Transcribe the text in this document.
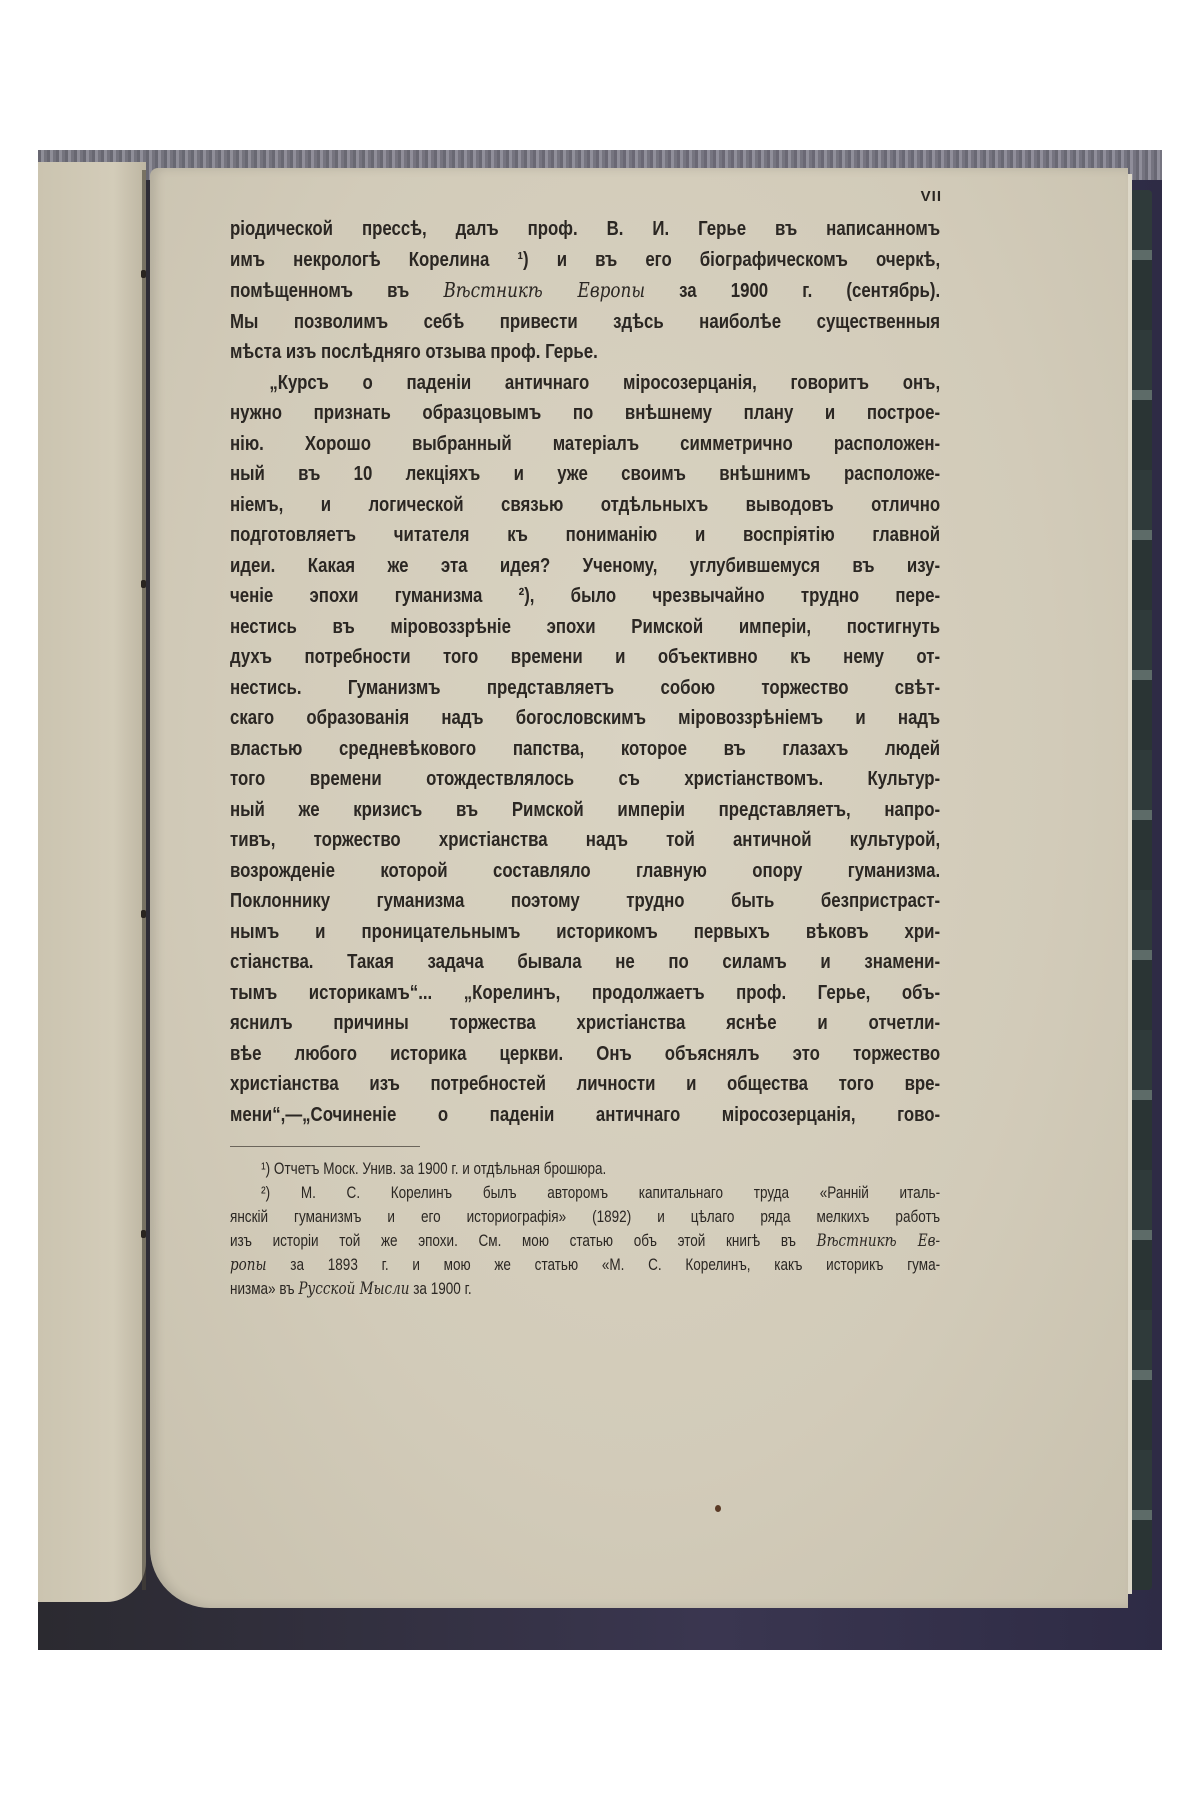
VII
ріодической прессѣ, далъ проф. В. И. Герье въ написанномъ
имъ некрологѣ Корелина ¹) и въ его біографическомъ очеркѣ,
помѣщенномъ въ Вѣстникѣ Европы за 1900 г. (сентябрь).
Мы позволимъ себѣ привести здѣсь наиболѣе существенныя
мѣста изъ послѣдняго отзыва проф. Герье.
„Курсъ о паденіи античнаго міросозерцанія, говоритъ онъ,
нужно признать образцовымъ по внѣшнему плану и построе-
нію. Хорошо выбранный матеріалъ симметрично расположен-
ный въ 10 лекціяхъ и уже своимъ внѣшнимъ расположе-
ніемъ, и логической связью отдѣльныхъ выводовъ отлично
подготовляетъ читателя къ пониманію и воспріятію главной
идеи. Какая же эта идея? Ученому, углубившемуся въ изу-
ченіе эпохи гуманизма ²), было чрезвычайно трудно пере-
нестись въ міровоззрѣніе эпохи Римской имперіи, постигнуть
духъ потребности того времени и объективно къ нему от-
нестись. Гуманизмъ представляетъ собою торжество свѣт-
скаго образованія надъ богословскимъ міровоззрѣніемъ и надъ
властью средневѣкового папства, которое въ глазахъ людей
того времени отождествлялось съ христіанствомъ. Культур-
ный же кризисъ въ Римской имперіи представляетъ, напро-
тивъ, торжество христіанства надъ той античной культурой,
возрожденіе которой составляло главную опору гуманизма.
Поклоннику гуманизма поэтому трудно быть безпристраст-
нымъ и проницательнымъ историкомъ первыхъ вѣковъ хри-
стіанства. Такая задача бывала не по силамъ и знамени-
тымъ историкамъ“... „Корелинъ, продолжаетъ проф. Герье, объ-
яснилъ причины торжества христіанства яснѣе и отчетли-
вѣе любого историка церкви. Онъ объяснялъ это торжество
христіанства изъ потребностей личности и общества того вре-
мени“,—„Сочиненіе о паденіи античнаго міросозерцанія, гово-
¹) Отчетъ Моск. Унив. за 1900 г. и отдѣльная брошюра.
²) М. С. Корелинъ былъ авторомъ капитальнаго труда «Ранній италь-
янскій гуманизмъ и его историографія» (1892) и цѣлаго ряда мелкихъ работъ
изъ исторіи той же эпохи. См. мою статью объ этой книгѣ въ Вѣстникѣ Ев-
ропы за 1893 г. и мою же статью «М. С. Корелинъ, какъ историкъ гума-
низма» въ Русской Мысли за 1900 г.
